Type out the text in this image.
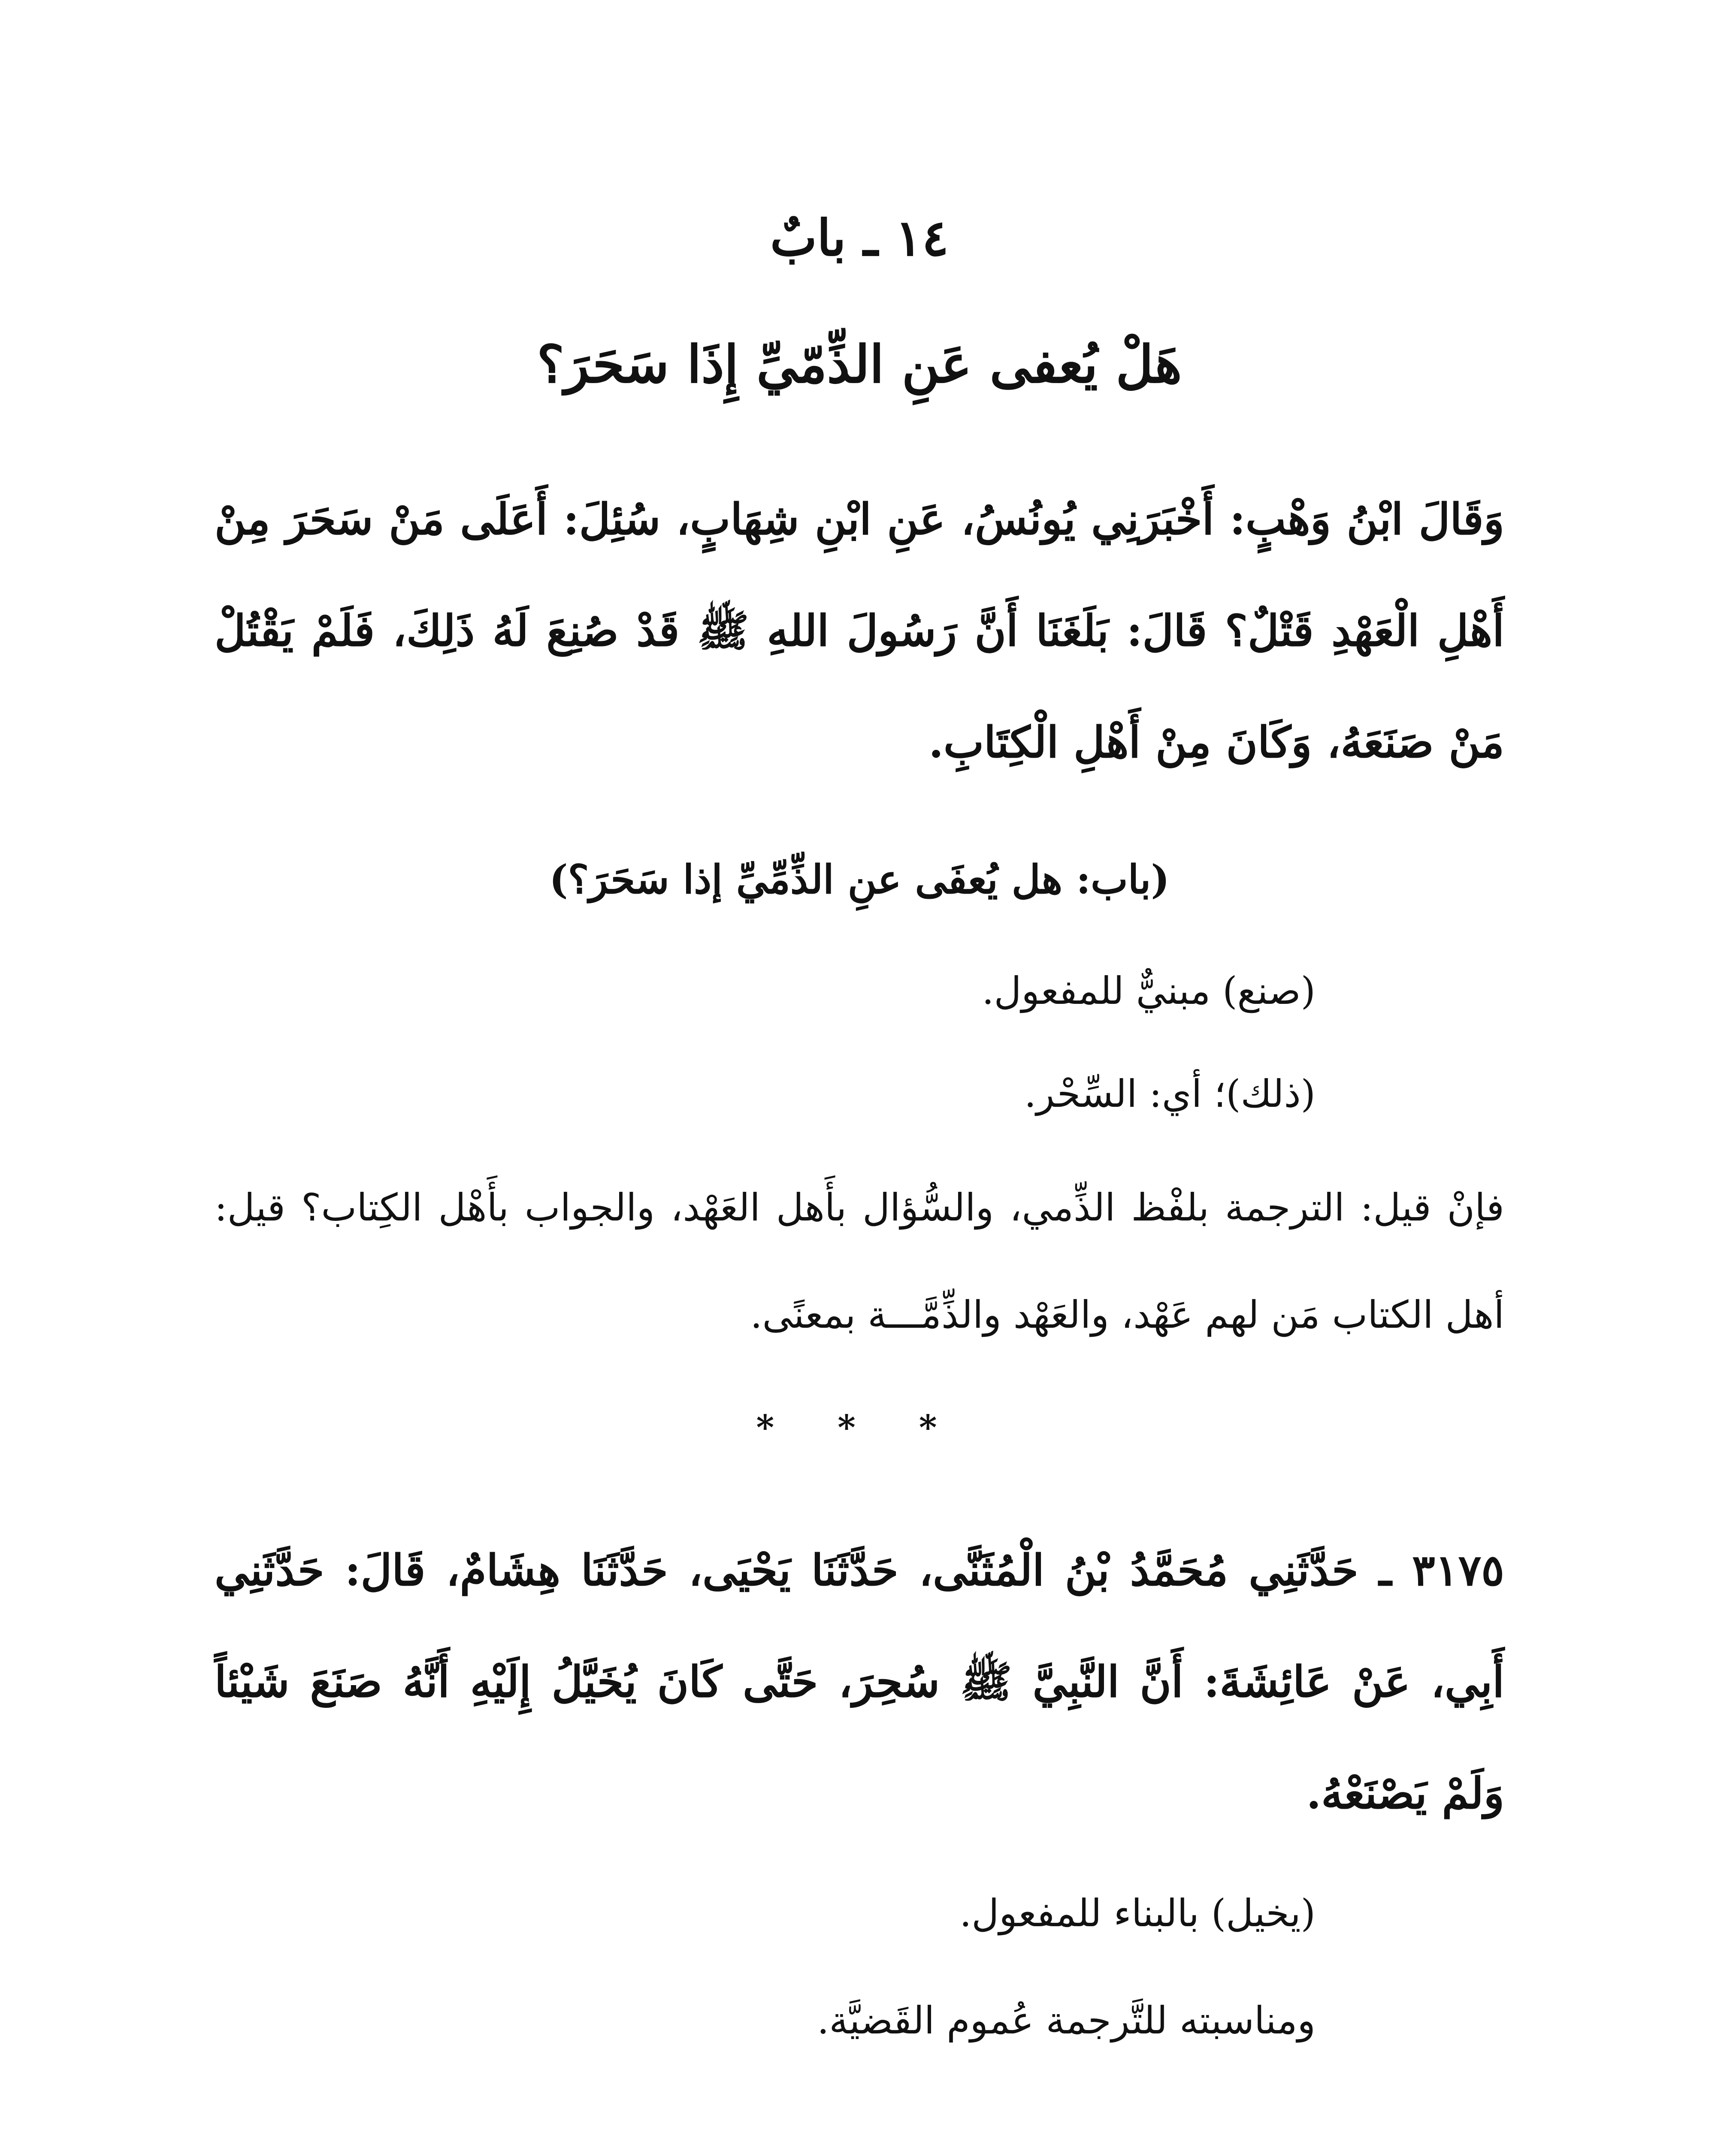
١٤ ـ بابٌ
هَلْ يُعفى عَنِ الذِّمّيِّ إِذَا سَحَرَ؟
وَقَالَ ابْنُ وَهْبٍ: أَخْبَرَنِي يُونُسُ، عَنِ ابْنِ شِهَابٍ، سُئِلَ: أَعَلَى مَنْ سَحَرَ مِنْ أَهْلِ الْعَهْدِ قَتْلٌ؟ قَالَ: بَلَغَنَا أَنَّ رَسُولَ اللهِ ﷺ قَدْ صُنِعَ لَهُ ذَلِكَ، فَلَمْ يَقْتُلْ مَنْ صَنَعَهُ، وَكَانَ مِنْ أَهْلِ الْكِتَابِ.
(باب: هل يُعفَى عنِ الذِّمِّيِّ إذا سَحَرَ؟)
(صنع) مبنيٌّ للمفعول.
(ذلك)؛ أي: السِّحْر.
فإنْ قيل: الترجمة بلفْظ الذِّمي، والسُّؤال بأَهل العَهْد، والجواب بأَهْل الكِتاب؟ قيل: أهل الكتاب مَن لهم عَهْد، والعَهْد والذِّمَّـــة بمعنًى.
* * *
٣١٧٥ ـ حَدَّثَنِي مُحَمَّدُ بْنُ الْمُثَنَّى، حَدَّثَنَا يَحْيَى، حَدَّثَنَا هِشَامٌ، قَالَ: حَدَّثَنِي أَبِي، عَنْ عَائِشَةَ: أَنَّ النَّبِيَّ ﷺ سُحِرَ، حَتَّى كَانَ يُخَيَّلُ إِلَيْهِ أَنَّهُ صَنَعَ شَيْئاً وَلَمْ يَصْنَعْهُ.
(يخيل) بالبناء للمفعول.
ومناسبته للتَّرجمة عُموم القَضيَّة.
